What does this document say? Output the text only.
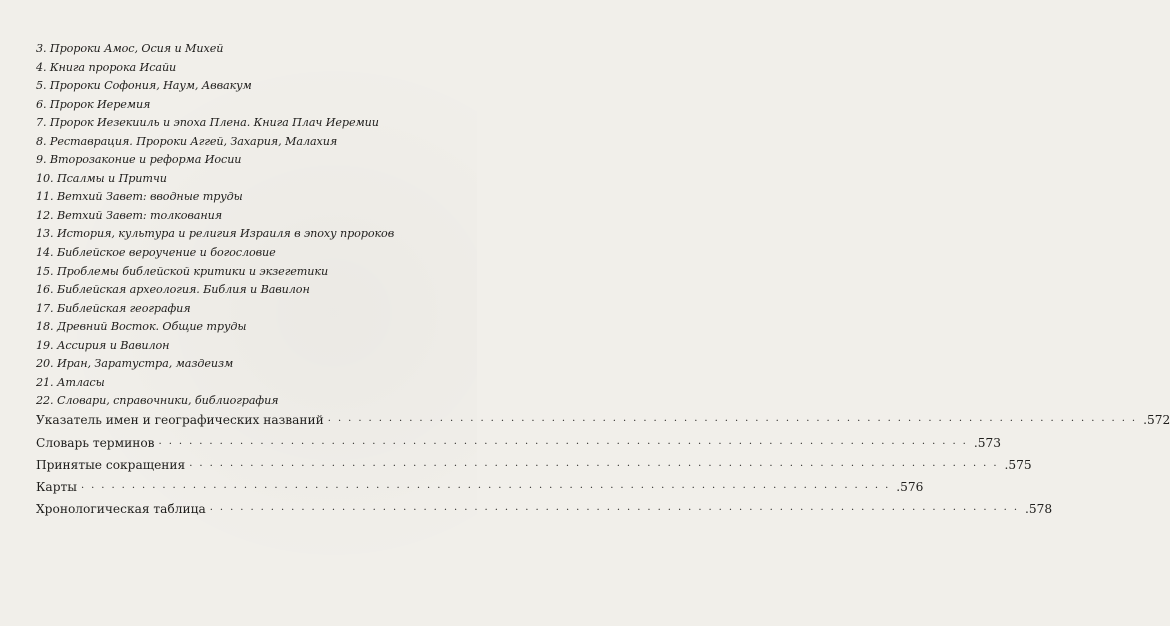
3. Пророки Амос, Осия и Михей
4. Книга пророка Исайи
5. Пророки Софония, Наум, Аввакум
6. Пророк Иеремия
7. Пророк Иезекииль и эпоха Плена. Книга Плач Иеремии
8. Реставрация. Пророки Аггей, Захария, Малахия
9. Второзаконие и реформа Иосии
10. Псалмы и Притчи
11. Ветхий Завет: вводные труды
12. Ветхий Завет: толкования
13. История, культура и религия Израиля в эпоху пророков
14. Библейское вероучение и богословие
15. Проблемы библейской критики и экзегетики
16. Библейская археология. Библия и Вавилон
17. Библейская география
18. Древний Восток. Общие труды
19. Ассирия и Вавилон
20. Иран, Заратустра, маздеизм
21. Атласы
22. Словари, справочники, библиография
Указатель имен и географических названий ................................................................................ .572
Словарь терминов ................................................................................ .573
Принятые сокращения ................................................................................ .575
Карты ................................................................................ .576
Хронологическая таблица ................................................................................ .578
